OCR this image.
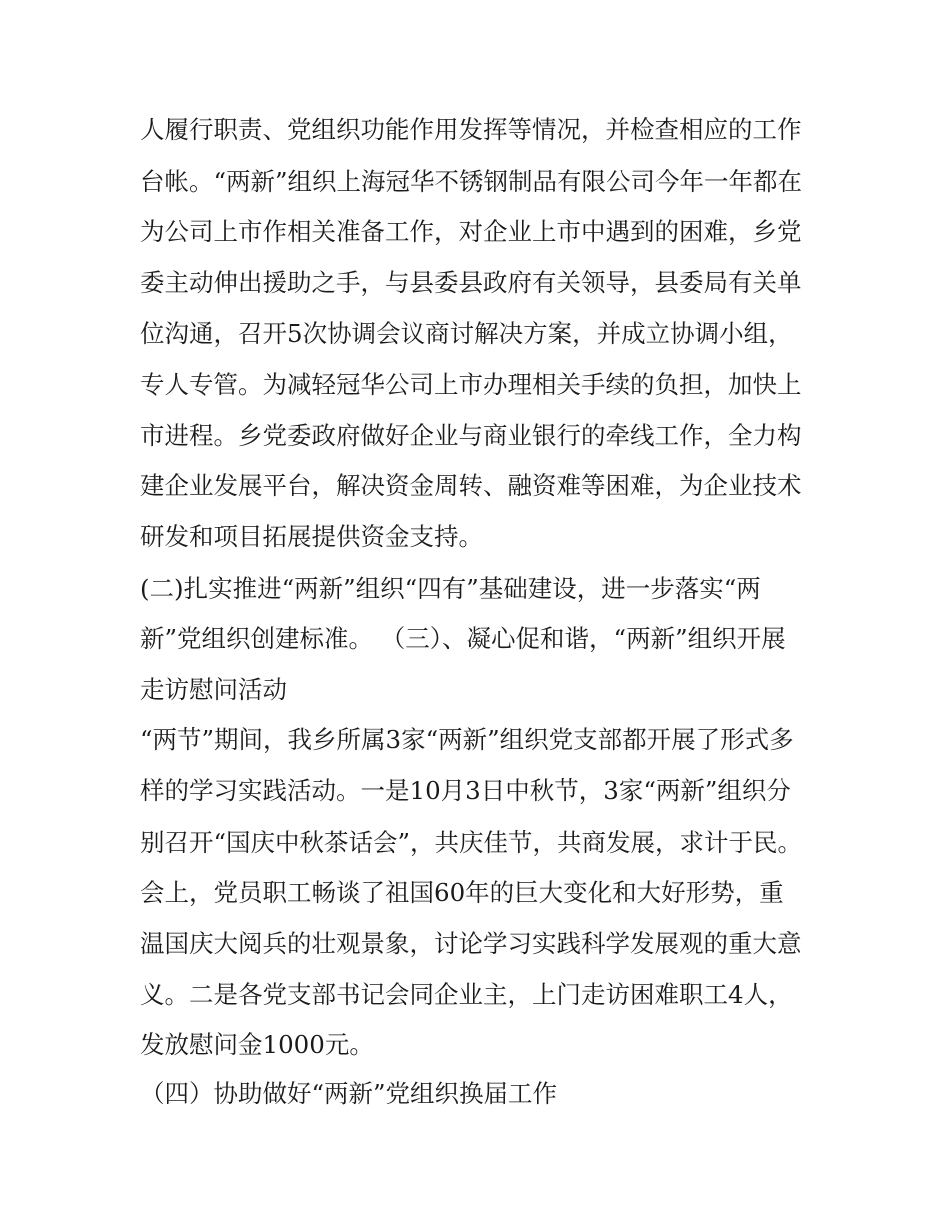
人履行职责、党组织功能作用发挥等情况，并检查相应的工作
台帐。“两新”组织上海冠华不锈钢制品有限公司今年一年都在
为公司上市作相关准备工作，对企业上市中遇到的困难，乡党
委主动伸出援助之手，与县委县政府有关领导，县委局有关单
位沟通，召开5次协调会议商讨解决方案，并成立协调小组，
专人专管。为减轻冠华公司上市办理相关手续的负担，加快上
市进程。乡党委政府做好企业与商业银行的牵线工作，全力构
建企业发展平台，解决资金周转、融资难等困难，为企业技术
研发和项目拓展提供资金支持。
(二)扎实推进“两新”组织“四有”基础建设，进一步落实“两
新”党组织创建标准。 （三）、凝心促和谐，“两新”组织开展
走访慰问活动
“两节”期间，我乡所属3家“两新”组织党支部都开展了形式多
样的学习实践活动。一是10月3日中秋节，3家“两新”组织分
别召开“国庆中秋茶话会”，共庆佳节，共商发展，求计于民。
会上，党员职工畅谈了祖国60年的巨大变化和大好形势，重
温国庆大阅兵的壮观景象，讨论学习实践科学发展观的重大意
义。二是各党支部书记会同企业主，上门走访困难职工4人，
发放慰问金1000元。
（四）协助做好“两新”党组织换届工作
